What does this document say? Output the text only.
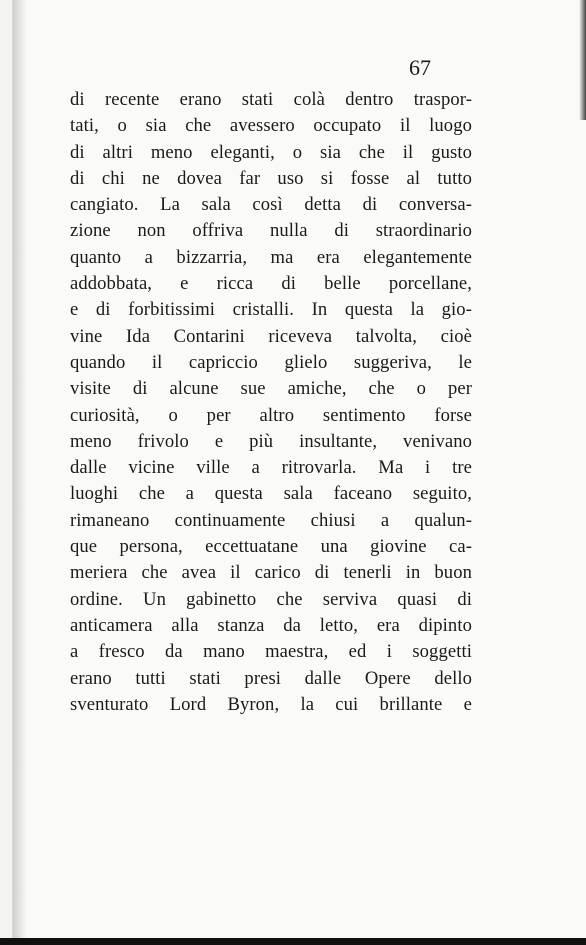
67
di recente erano stati colà dentro traspor-
tati, o sia che avessero occupato il luogo
di altri meno eleganti, o sia che il gusto
di chi ne dovea far uso si fosse al tutto
cangiato. La sala così detta di conversa-
zione non offriva nulla di straordinario
quanto a bizzarria, ma era elegantemente
addobbata, e ricca di belle porcellane,
e di forbitissimi cristalli. In questa la gio-
vine Ida Contarini riceveva talvolta, cioè
quando il capriccio glielo suggeriva, le
visite di alcune sue amiche, che o per
curiosità, o per altro sentimento forse
meno frivolo e più insultante, venivano
dalle vicine ville a ritrovarla. Ma i tre
luoghi che a questa sala faceano seguito,
rimaneano continuamente chiusi a qualun-
que persona, eccettuatane una giovine ca-
meriera che avea il carico di tenerli in buon
ordine. Un gabinetto che serviva quasi di
anticamera alla stanza da letto, era dipinto
a fresco da mano maestra, ed i soggetti
erano tutti stati presi dalle Opere dello
sventurato Lord Byron, la cui brillante e
